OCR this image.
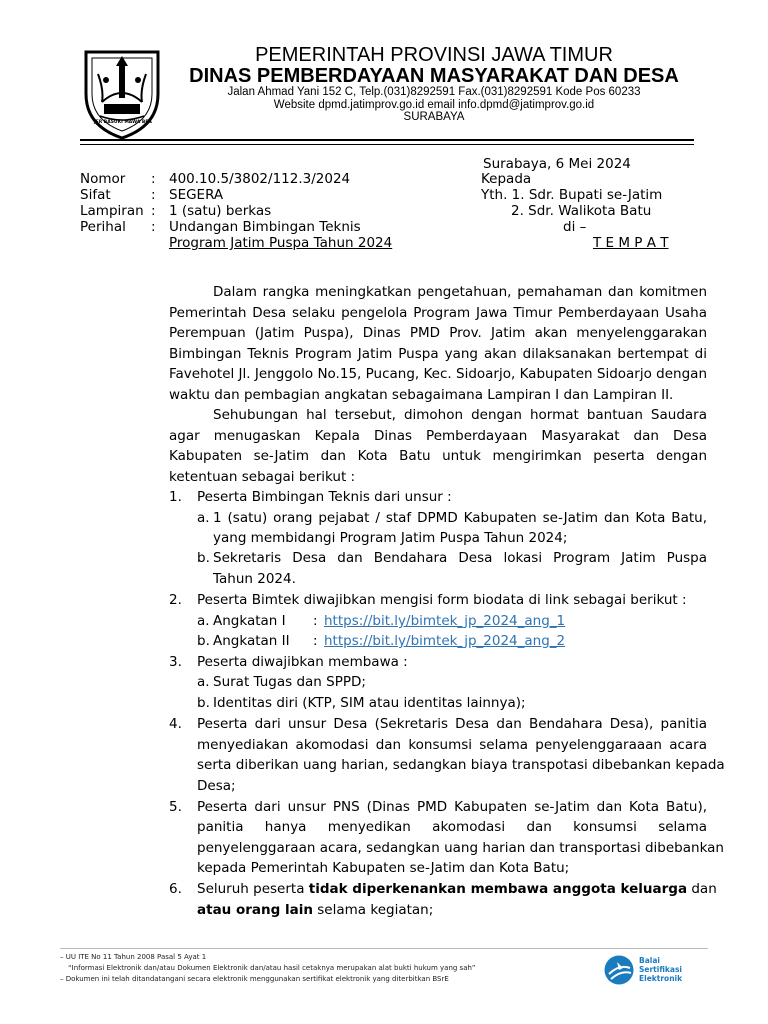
JER BASUKI MAWA BEA
PEMERINTAH PROVINSI JAWA TIMUR
DINAS PEMBERDAYAAN MASYARAKAT DAN DESA
Jalan Ahmad Yani 152 C, Telp.(031)8292591 Fax.(031)8292591 Kode Pos 60233
Website dpmd.jatimprov.go.id email info.dpmd@jatimprov.go.id
SURABAYA
Nomor : 400.10.5/3802/112.3/2024
Sifat	: SEGERA
Lampiran : 1 (satu) berkas
Perihal : Undangan Bimbingan Teknis
Program Jatim Puspa Tahun 2024
Surabaya, 6 Mei 2024
Kepada
Yth. 1. Sdr. Bupati se-Jatim
2. Sdr. Walikota Batu
di –
T E M P A T
Dalam rangka meningkatkan pengetahuan, pemahaman dan komitmen Pemerintah Desa selaku pengelola Program Jawa Timur Pemberdayaan Usaha Perempuan (Jatim Puspa), Dinas PMD Prov. Jatim akan menyelenggarakan Bimbingan Teknis Program Jatim Puspa yang akan dilaksanakan bertempat di Favehotel Jl. Jenggolo No.15, Pucang, Kec. Sidoarjo, Kabupaten Sidoarjo dengan waktu dan pembagian angkatan sebagaimana Lampiran I dan Lampiran II.
Sehubungan hal tersebut, dimohon dengan hormat bantuan Saudara agar menugaskan Kepala Dinas Pemberdayaan Masyarakat dan Desa Kabupaten se-Jatim dan Kota Batu untuk mengirimkan peserta dengan ketentuan sebagai berikut :
1. Peserta Bimbingan Teknis dari unsur :
a. 1 (satu) orang pejabat / staf DPMD Kabupaten se-Jatim dan Kota Batu,
yang membidangi Program Jatim Puspa Tahun 2024;
b. Sekretaris Desa dan Bendahara Desa lokasi Program Jatim Puspa
Tahun 2024.
2. Peserta Bimtek diwajibkan mengisi form biodata di link sebagai berikut :
a. Angkatan I : https://bit.ly/bimtek_jp_2024_ang_1
b. Angkatan II : https://bit.ly/bimtek_jp_2024_ang_2
3. Peserta diwajibkan membawa :
a. Surat Tugas dan SPPD;
b. Identitas diri (KTP, SIM atau identitas lainnya);
4. Peserta dari unsur Desa (Sekretaris Desa dan Bendahara Desa), panitia
menyediakan akomodasi dan konsumsi selama penyelenggaraaan acara
serta diberikan uang harian, sedangkan biaya transpotasi dibebankan kepada
Desa;
5. Peserta dari unsur PNS (Dinas PMD Kabupaten se-Jatim dan Kota Batu),
panitia hanya menyedikan akomodasi dan konsumsi selama
penyelenggaraan acara, sedangkan uang harian dan transportasi dibebankan
kepada Pemerintah Kabupaten se-Jatim dan Kota Batu;
6. Seluruh peserta tidak diperkenankan membawa anggota keluarga dan
atau orang lain selama kegiatan;
– UU ITE No 11 Tahun 2008 Pasal 5 Ayat 1
“Informasi Elektronik dan/atau Dokumen Elektronik dan/atau hasil cetaknya merupakan alat bukti hukum yang sah”
– Dokumen ini telah ditandatangani secara elektronik menggunakan sertifikat elektronik yang diterbitkan BSrE
Balai
Sertifikasi
Elektronik
